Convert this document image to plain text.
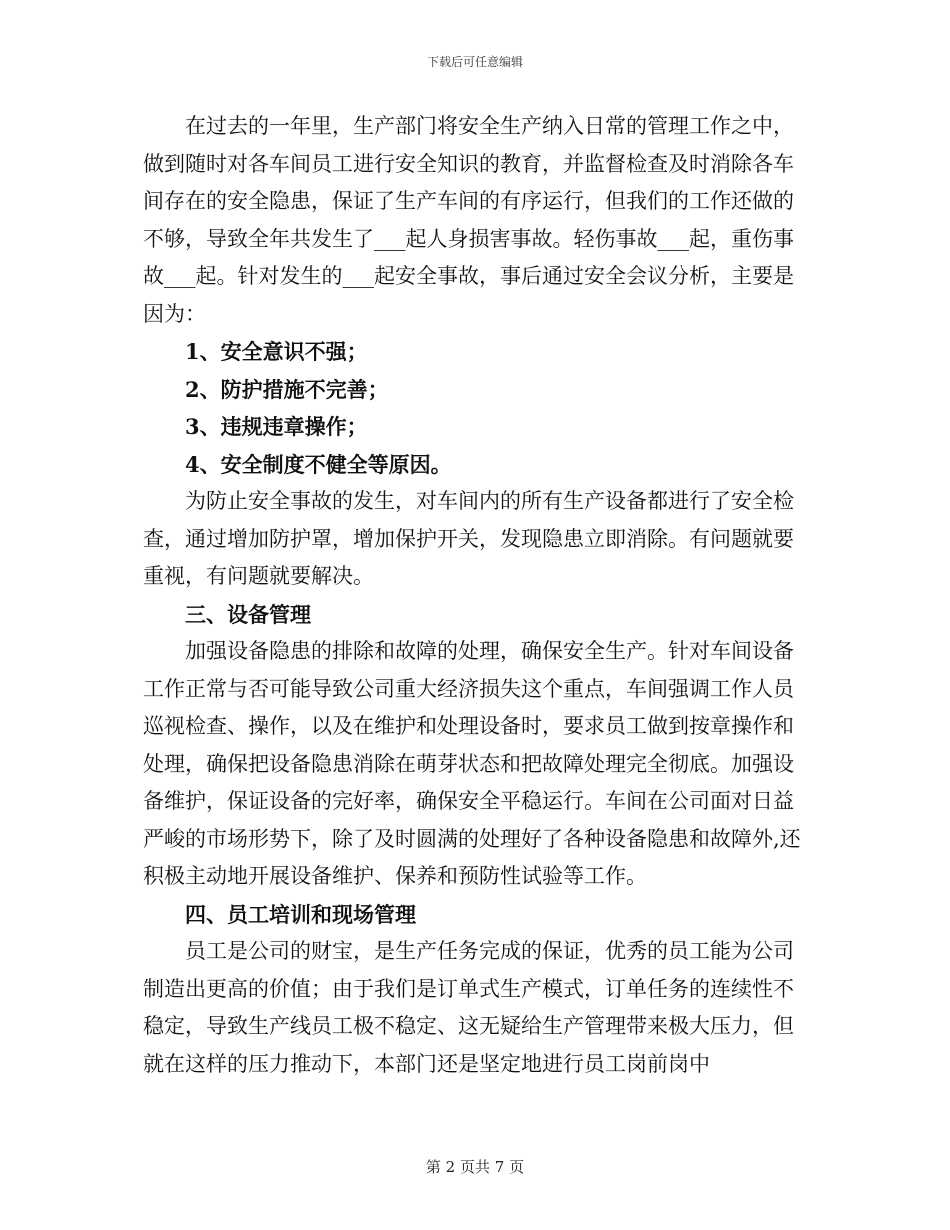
下载后可任意编辑

在过去的一年里，生产部门将安全生产纳入日常的管理工作之中，做到随时对各车间员工进行安全知识的教育，并监督检查及时消除各车间存在的安全隐患，保证了生产车间的有序运行，但我们的工作还做的不够，导致全年共发生了___起人身损害事故。轻伤事故___起，重伤事故___起。针对发生的___起安全事故，事后通过安全会议分析，主要是因为：

1、安全意识不强；

2、防护措施不完善；

3、违规违章操作；

4、安全制度不健全等原因。

为防止安全事故的发生，对车间内的所有生产设备都进行了安全检查，通过增加防护罩，增加保护开关，发现隐患立即消除。有问题就要重视，有问题就要解决。

三、设备管理

加强设备隐患的排除和故障的处理，确保安全生产。针对车间设备工作正常与否可能导致公司重大经济损失这个重点，车间强调工作人员巡视检查、操作，以及在维护和处理设备时，要求员工做到按章操作和处理，确保把设备隐患消除在萌芽状态和把故障处理完全彻底。加强设备维护，保证设备的完好率，确保安全平稳运行。车间在公司面对日益严峻的市场形势下，除了及时圆满的处理好了各种设备隐患和故障外,还积极主动地开展设备维护、保养和预防性试验等工作。

四、员工培训和现场管理

员工是公司的财宝，是生产任务完成的保证，优秀的员工能为公司制造出更高的价值；由于我们是订单式生产模式，订单任务的连续性不稳定，导致生产线员工极不稳定、这无疑给生产管理带来极大压力，但就在这样的压力推动下，本部门还是坚定地进行员工岗前岗中

第 2 页共 7 页
